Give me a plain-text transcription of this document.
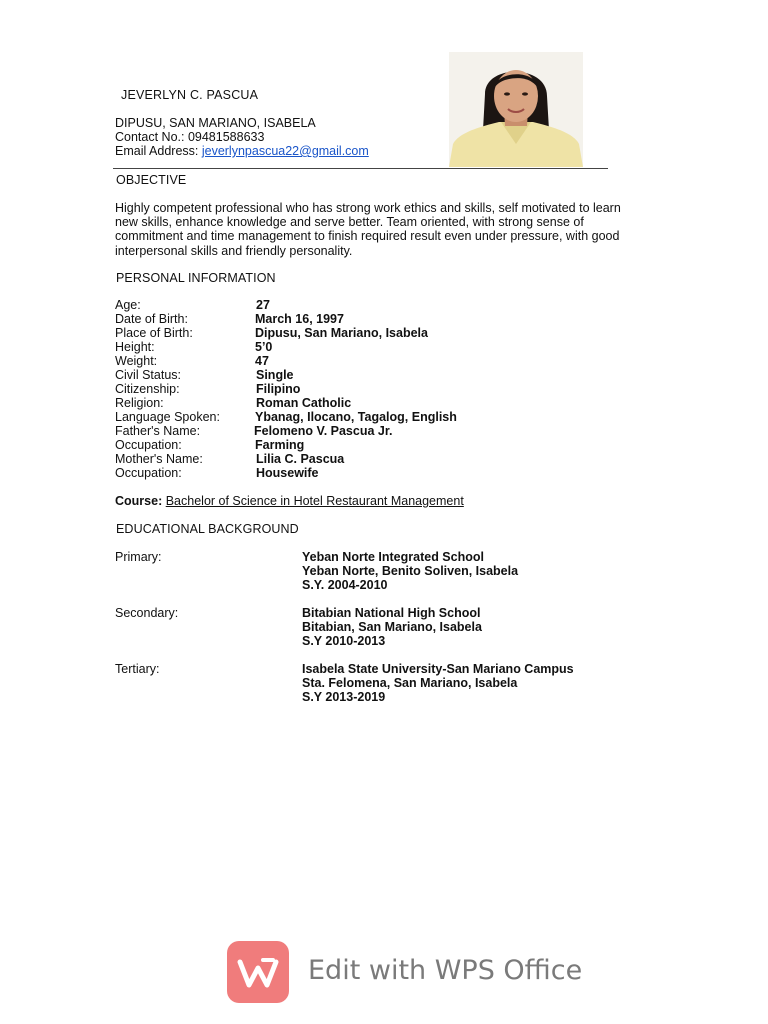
JEVERLYN C. PASCUA
DIPUSU, SAN MARIANO, ISABELA
Contact No.: 09481588633
Email Address: jeverlynpascua22@gmail.com
OBJECTIVE
Highly competent professional who has strong work ethics and skills, self motivated to learn new skills, enhance knowledge and serve better. Team oriented, with strong sense of commitment and time management to finish required result even under pressure, with good interpersonal skills and friendly personality.
PERSONAL INFORMATION
Age:	27
Date of Birth:	March 16, 1997
Place of Birth:	Dipusu, San Mariano, Isabela
Height:	5’0
Weight:	47
Civil Status:	Single
Citizenship:	Filipino
Religion:	Roman Catholic
Language Spoken:	Ybanag, Ilocano, Tagalog, English
Father's Name:	Felomeno V. Pascua Jr.
Occupation:	Farming
Mother's Name:	Lilia C. Pascua
Occupation:	Housewife
Course: Bachelor of Science in Hotel Restaurant Management
EDUCATIONAL BACKGROUND
Primary:	Yeban Norte Integrated School
Yeban Norte, Benito Soliven, Isabela
S.Y. 2004-2010
Secondary:	Bitabian National High School
Bitabian, San Mariano, Isabela
S.Y 2010-2013
Tertiary:	Isabela State University-San Mariano Campus
Sta. Felomena, San Mariano, Isabela
S.Y 2013-2019
Edit with WPS Office
